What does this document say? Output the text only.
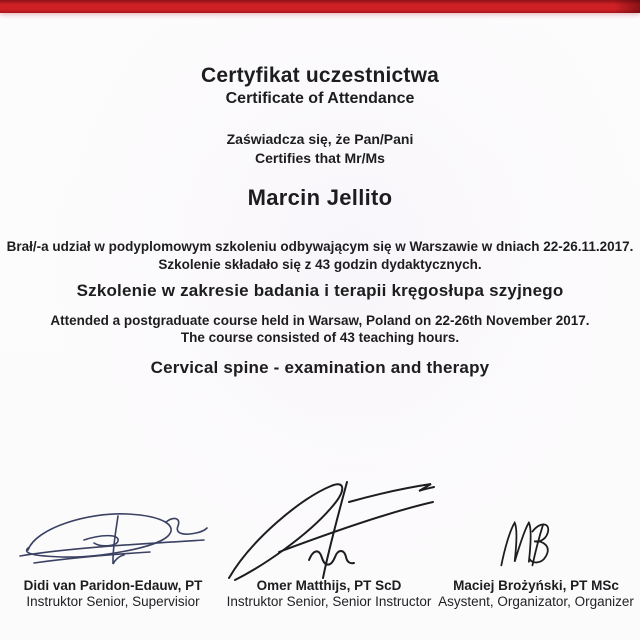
Certyfikat uczestnictwa
Certificate of Attendance
Zaświadcza się, że Pan/Pani
Certifies that Mr/Ms
Marcin Jellito
Brał/-a udział w podyplomowym szkoleniu odbywającym się w Warszawie w dniach 22-26.11.2017.
Szkolenie składało się z 43 godzin dydaktycznych.
Szkolenie w zakresie badania i terapii kręgosłupa szyjnego
Attended a postgraduate course held in Warsaw, Poland on 22-26th November 2017.
The course consisted of 43 teaching hours.
Cervical spine - examination and therapy
Didi van Paridon-Edauw, PT
Instruktor Senior, Supervisior
Omer Matthijs, PT ScD
Instruktor Senior, Senior Instructor
Maciej Brożyński, PT MSc
Asystent, Organizator, Organizer
